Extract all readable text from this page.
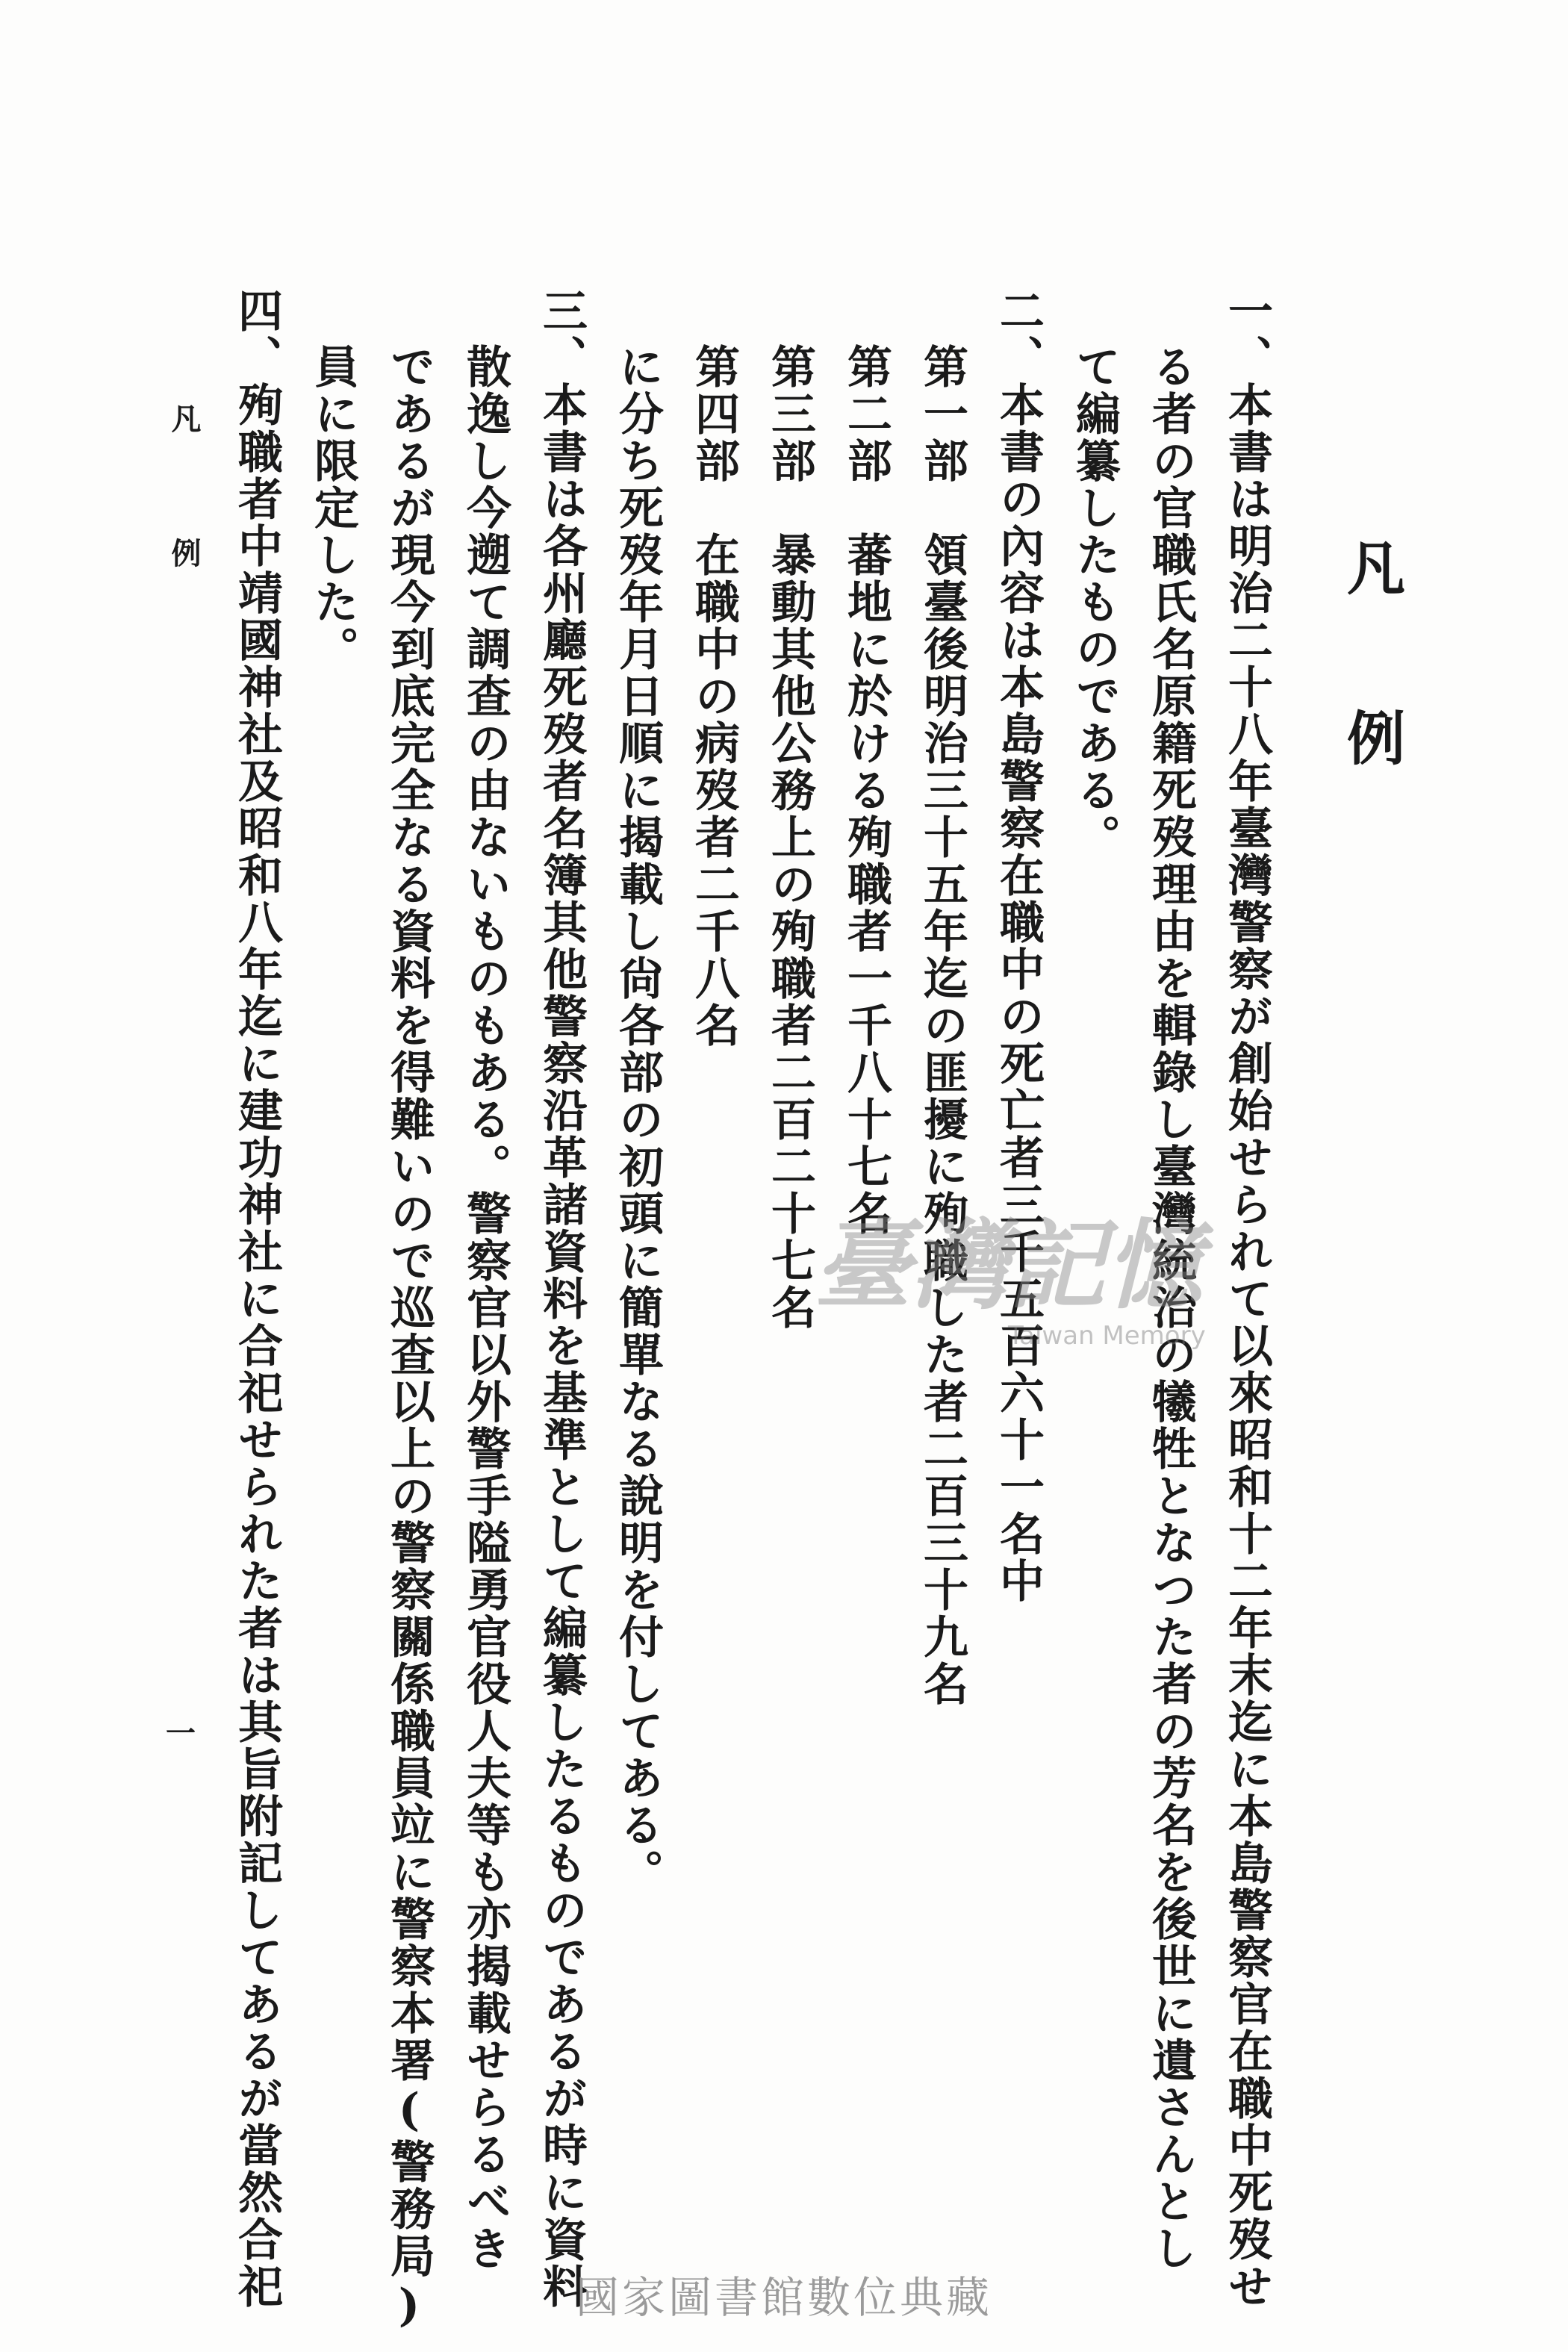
凡例
一、本書は明治二十八年臺灣警察が創始せられて以來昭和十二年末迄に本島警察官在職中死歿せ
る者の官職氏名原籍死歿理由を輯錄し臺灣統治の犧牲となつた者の芳名を後世に遺さんとし
て編纂したものである。
二、本書の內容は本島警察在職中の死亡者三千五百六十一名中
第一部　領臺後明治三十五年迄の匪擾に殉職した者二百三十九名
第二部　蕃地に於ける殉職者一千八十七名
第三部　暴動其他公務上の殉職者二百二十七名
第四部　在職中の病歿者二千八名
に分ち死歿年月日順に揭載し尙各部の初頭に簡單なる說明を付してある。
三、本書は各州廳死歿者名簿其他警察沿革諸資料を基準として編纂したるものであるが時に資料
散逸し今遡て調查の由ないものもある。警察官以外警手隘勇官役人夫等も亦揭載せらるべき
であるが現今到底完全なる資料を得難いので巡查以上の警察關係職員竝に警察本署(警務局)
員に限定した。
四、殉職者中靖國神社及昭和八年迄に建功神社に合祀せられた者は其旨附記してあるが當然合祀
凡例
一
臺灣記憶
Taiwan Memory
國家圖書館數位典藏
